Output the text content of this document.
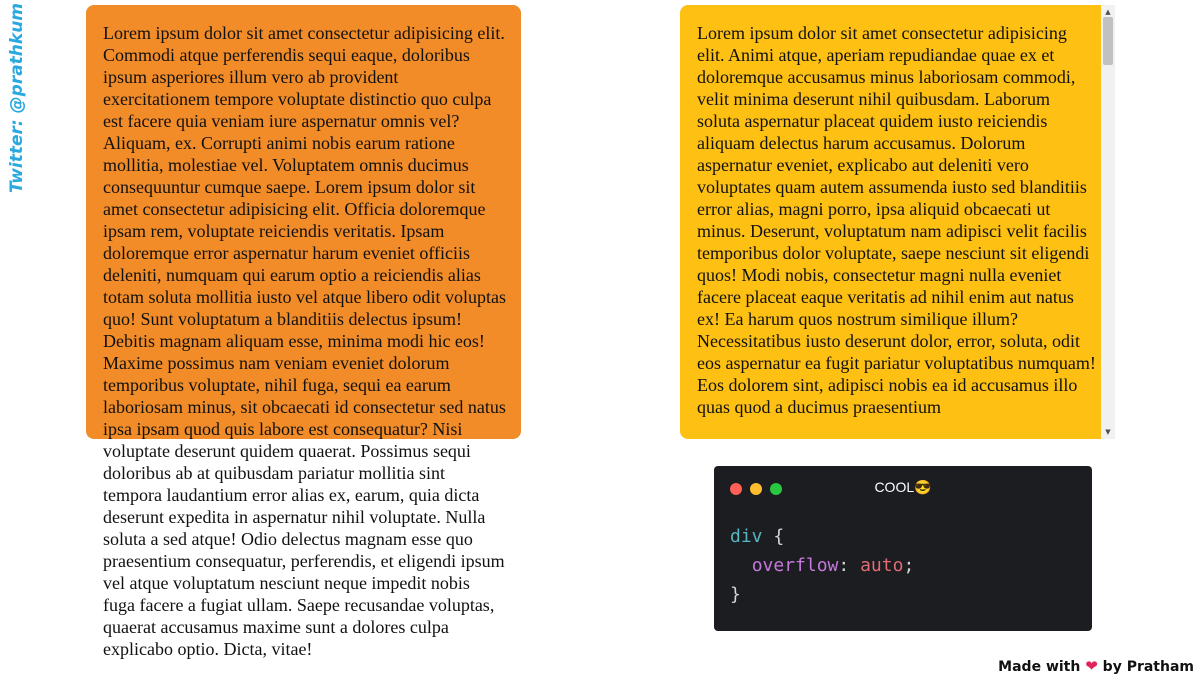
Twitter: @prathkum	Lorem ipsum dolor sit amet consectetur adipisicing elit. Commodi atque perferendis sequi eaque, doloribus ipsum asperiores illum vero ab provident exercitationem tempore voluptate distinctio quo culpa est facere quia veniam iure aspernatur omnis vel? Aliquam, ex. Corrupti animi nobis earum ratione mollitia, molestiae vel. Voluptatem omnis ducimus consequuntur cumque saepe. Lorem ipsum dolor sit amet consectetur adipisicing elit. Officia doloremque ipsam rem, voluptate reiciendis veritatis. Ipsam doloremque error aspernatur harum eveniet officiis deleniti, numquam qui earum optio a reiciendis alias totam soluta mollitia iusto vel atque libero odit voluptas quo! Sunt voluptatum a blanditiis delectus ipsum! Debitis magnam aliquam esse, minima modi hic eos! Maxime possimus nam veniam eveniet dolorum temporibus voluptate, nihil fuga, sequi ea earum laboriosam minus, sit obcaecati id consectetur sed natus ipsa ipsam quod quis labore est consequatur? Nisi voluptate deserunt quidem quaerat. Possimus sequi doloribus ab at quibusdam pariatur mollitia sint tempora laudantium error alias ex, earum, quia dicta deserunt expedita in aspernatur nihil voluptate. Nulla soluta a sed atque! Odio delectus magnam esse quo praesentium consequatur, perferendis, et eligendi ipsum vel atque voluptatum nesciunt neque impedit nobis fuga facere a fugiat ullam. Saepe recusandae voluptas, quaerat accusamus maxime sunt a dolores culpa explicabo optio. Dicta, vitae!

Lorem ipsum dolor sit amet consectetur adipisicing elit. Animi atque, aperiam repudiandae quae ex et doloremque accusamus minus laboriosam commodi, velit minima deserunt nihil quibusdam. Laborum soluta aspernatur placeat quidem iusto reiciendis aliquam delectus harum accusamus. Dolorum aspernatur eveniet, explicabo aut deleniti vero voluptates quam autem assumenda iusto sed blanditiis error alias, magni porro, ipsa aliquid obcaecati ut minus. Deserunt, voluptatum nam adipisci velit facilis temporibus dolor voluptate, saepe nesciunt sit eligendi quos! Modi nobis, consectetur magni nulla eveniet facere placeat eaque veritatis ad nihil enim aut natus ex! Ea harum quos nostrum similique illum? Necessitatibus iusto deserunt dolor, error, soluta, odit eos aspernatur ea fugit pariatur voluptatibus numquam! Eos dolorem sint, adipisci nobis ea id accusamus illo quas quod a ducimus praesentium

▲
▼
COOL😎
div {
overflow: auto;
}
Made with ❤ by Pratham
